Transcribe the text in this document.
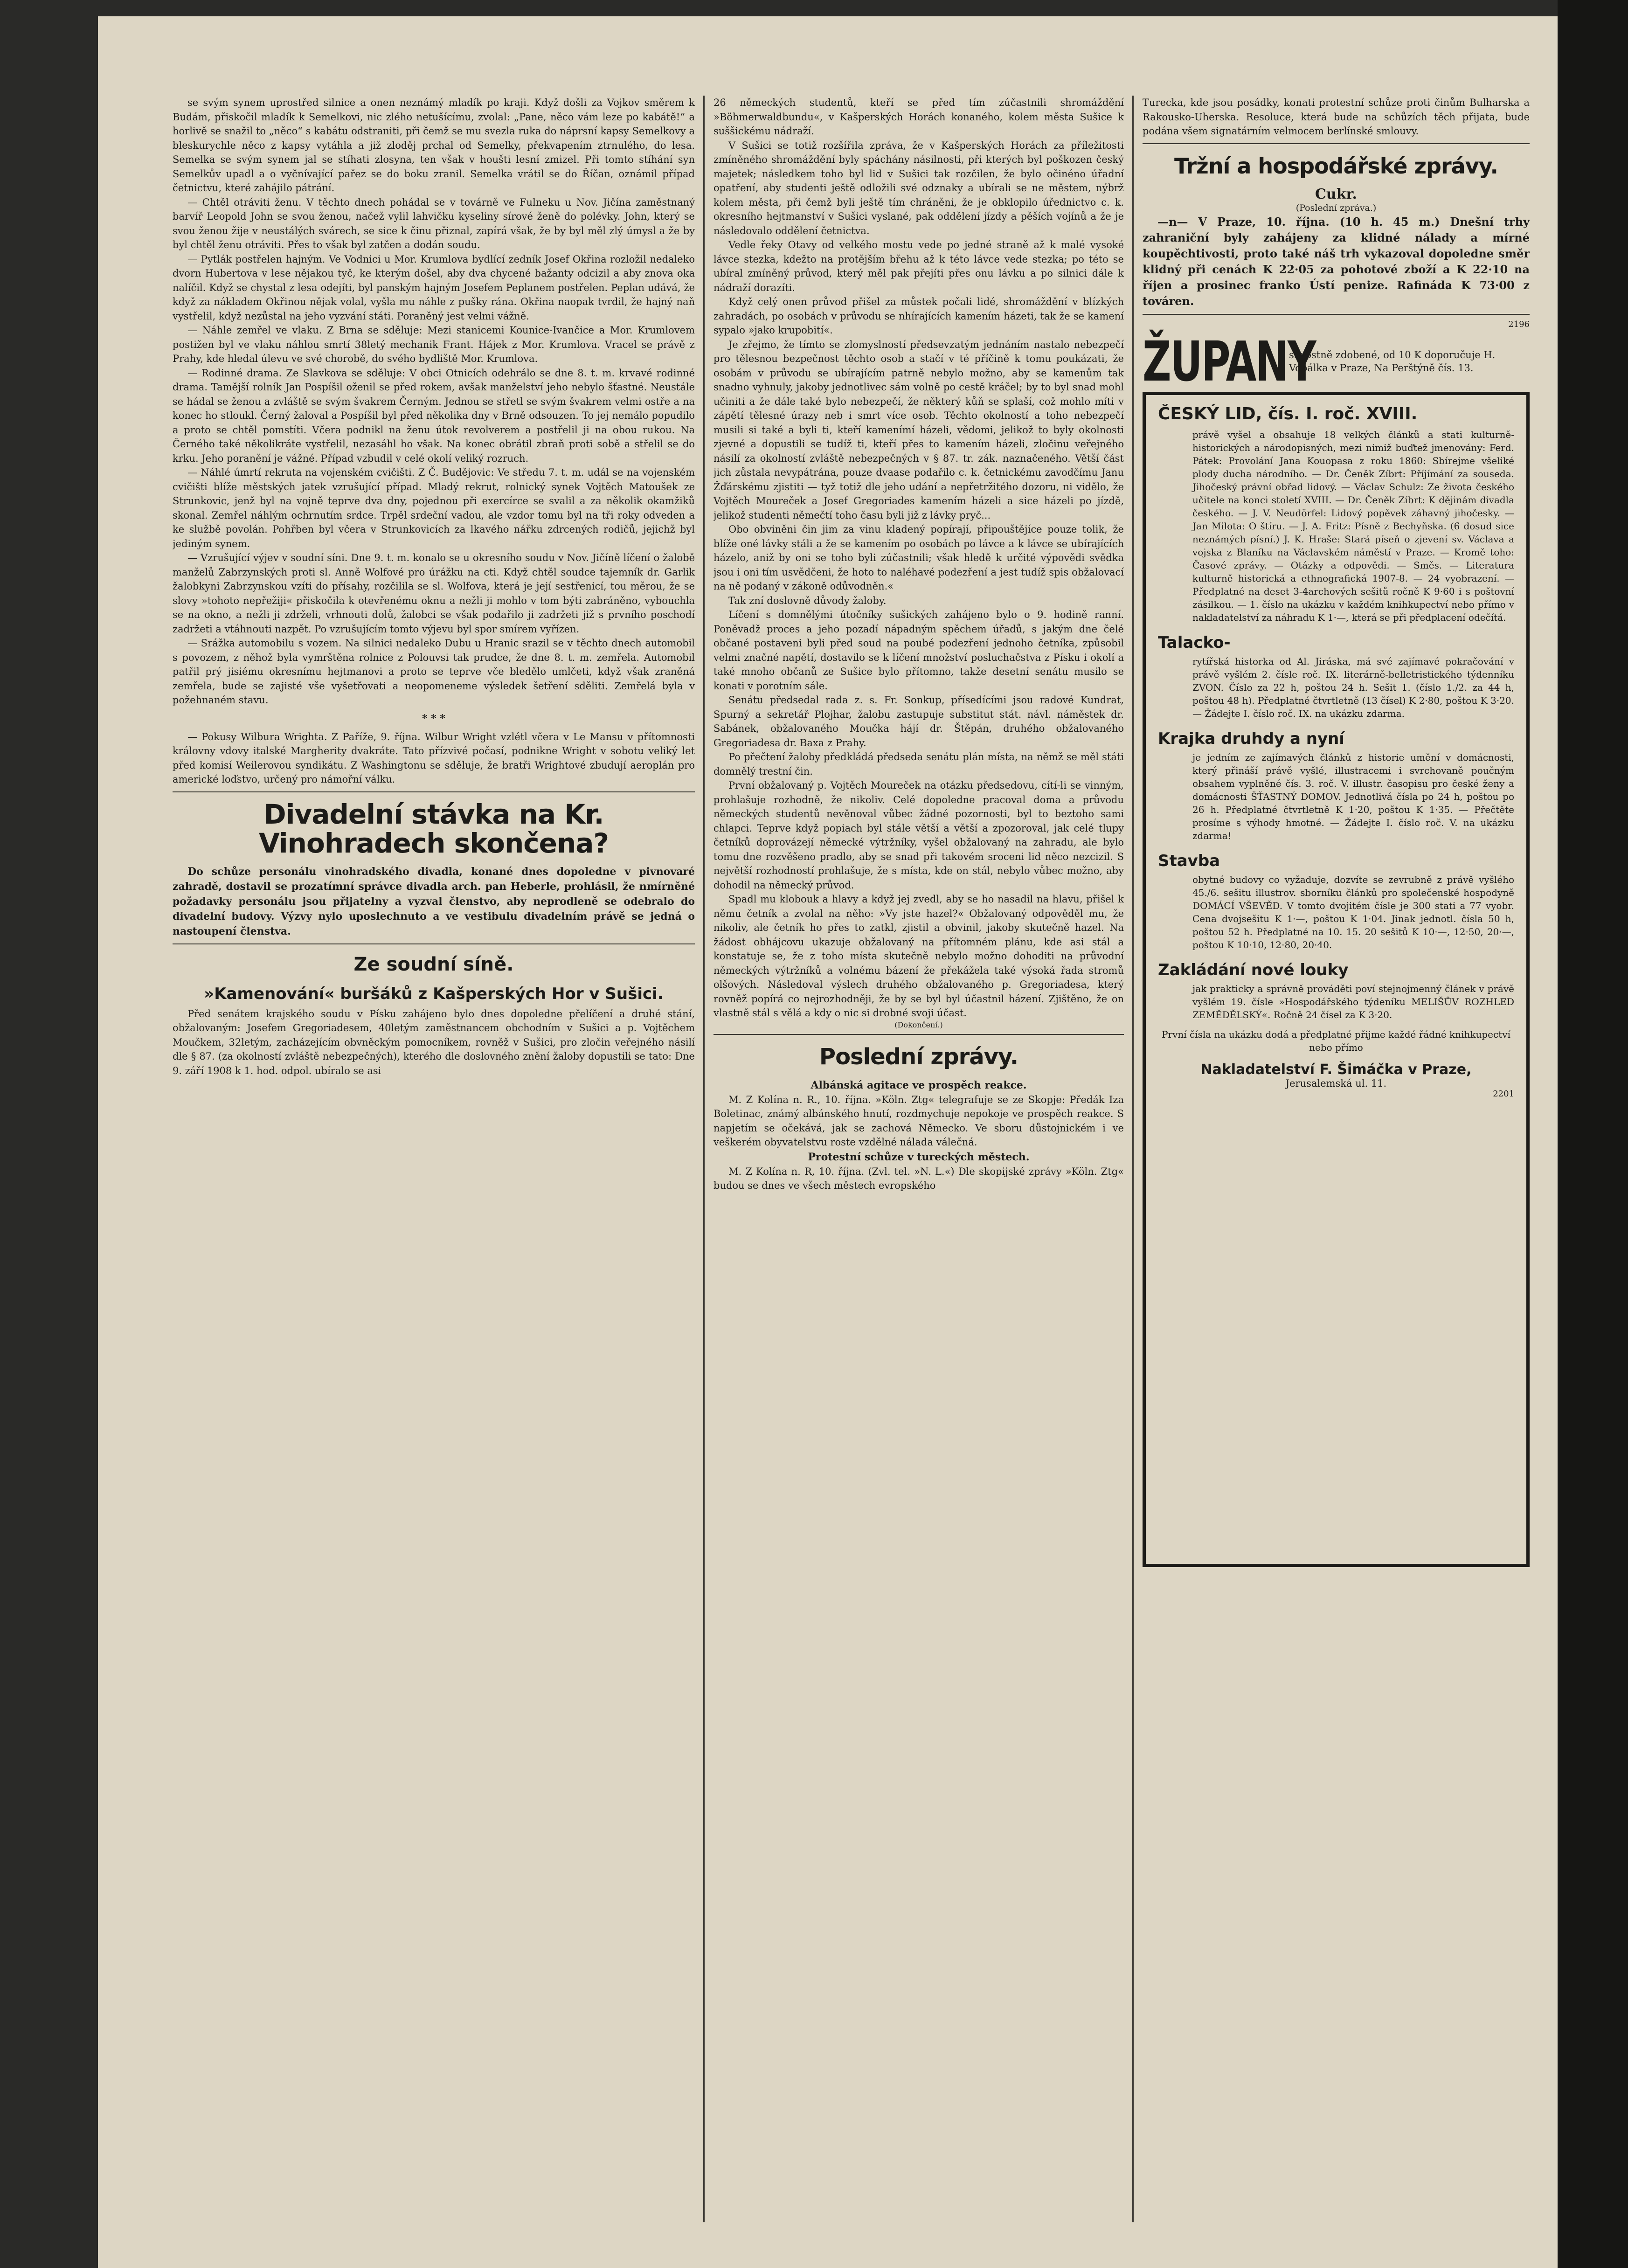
se svým synem uprostřed silnice a onen neznámý mladík po kraji. Když došli za Vojkov směrem k Budám, přiskočil mladík k Semelkovi, nic zlého netušícímu, zvolal: „Pane, něco vám leze po kabátě!“ a horlivě se snažil to „něco“ s kabátu odstraniti, při čemž se mu svezla ruka do náprsní kapsy Semelkovy a bleskurychle něco z kapsy vytáhla a již zloděj prchal od Semelky, překvapením ztrnulého, do lesa. Semelka se svým synem jal se stíhati zlosyna, ten však v houšti lesní zmizel. Při tomto stíhání syn Semelkův upadl a o vyčnívající pařez se do boku zranil. Semelka vrátil se do Říčan, oznámil případ četnictvu, které zahájilo pátrání.

— Chtěl otráviti ženu. V těchto dnech pohádal se v továrně ve Fulneku u Nov. Jičína zaměstnaný barvíř Leopold John se svou ženou, načež vylil lahvičku kyseliny sírové ženě do polévky. John, který se svou ženou žije v neustálých svárech, se sice k činu přiznal, zapírá však, že by byl měl zlý úmysl a že by byl chtěl ženu otráviti. Přes to však byl zatčen a dodán soudu.

— Pytlák postřelen hajným. Ve Vodnici u Mor. Krumlova bydlící zedník Josef Okřina rozložil nedaleko dvorn Hubertova v lese nějakou tyč, ke kterým došel, aby dva chycené bažanty odcizil a aby znova oka nalíčil. Když se chystal z lesa odejíti, byl panským hajným Josefem Peplanem postřelen. Peplan udává, že když za nákladem Okřinou nějak volal, vyšla mu náhle z pušky rána. Okřina naopak tvrdil, že hajný naň vystřelil, když nezůstal na jeho vyzvání státi. Poraněný jest velmi vážně.

— Náhle zemřel ve vlaku. Z Brna se sděluje: Mezi stanicemi Kounice-Ivančice a Mor. Krumlovem postižen byl ve vlaku náhlou smrtí 38letý mechanik Frant. Hájek z Mor. Krumlova. Vracel se právě z Prahy, kde hledal úlevu ve své chorobě, do svého bydliště Mor. Krumlova.

— Rodinné drama. Ze Slavkova se sděluje: V obci Otnicích odehrálo se dne 8. t. m. krvavé rodinné drama. Tamější rolník Jan Pospíšil oženil se před rokem, avšak manželství jeho nebylo šťastné. Neustále se hádal se ženou a zvláště se svým švakrem Černým. Jednou se střetl se svým švakrem velmi ostře a na konec ho stloukl. Černý žaloval a Pospíšil byl před několika dny v Brně odsouzen. To jej nemálo popudilo a proto se chtěl pomstíti. Včera podnikl na ženu útok revolverem a postřelil ji na obou rukou. Na Černého také několikráte vystřelil, nezasáhl ho však. Na konec obrátil zbraň proti sobě a střelil se do krku. Jeho poranění je vážné. Případ vzbudil v celé okolí veliký rozruch.

— Náhlé úmrtí rekruta na vojenském cvičišti. Z Č. Budějovic: Ve středu 7. t. m. udál se na vojenském cvičišti blíže městských jatek vzrušující případ. Mladý rekrut, rolnický synek Vojtěch Matoušek ze Strunkovic, jenž byl na vojně teprve dva dny, pojednou při exercírce se svalil a za několik okamžiků skonal. Zemřel náhlým ochrnutím srdce. Trpěl srdeční vadou, ale vzdor tomu byl na tři roky odveden a ke službě povolán. Pohřben byl včera v Strunkovicích za lkavého nářku zdrcených rodičů, jejichž byl jediným synem.

— Vzrušující výjev v soudní síni. Dne 9. t. m. konalo se u okresního soudu v Nov. Jičíně líčení o žalobě manželů Zabrzynských proti sl. Anně Wolfové pro úrážku na cti. Když chtěl soudce tajemník dr. Garlik žalobkyni Zabrzynskou vzíti do přísahy, rozčilila se sl. Wolfova, která je její sestřenicí, tou měrou, že se slovy »tohoto nepřežiji« přiskočila k otevřenému oknu a nežli ji mohlo v tom býti zabráněno, vybouchla se na okno, a nežli ji zdrželi, vrhnouti dolů, žalobci se však podařilo ji zadržeti již s prvního poschodí zadržeti a vtáhnouti nazpět. Po vzrušujícím tomto výjevu byl spor smírem vyřízen.

— Srážka automobilu s vozem. Na silnici nedaleko Dubu u Hranic srazil se v těchto dnech automobil s povozem, z něhož byla vymrštěna rolnice z Polouvsi tak prudce, že dne 8. t. m. zemřela. Automobil patřil prý jisiému okresnímu hejtmanovi a proto se teprve vče bledělo umlčeti, když však zraněná zemřela, bude se zajisté vše vyšetřovati a neopomeneme výsledek šetření sděliti. Zemřelá byla v požehnaném stavu.

* * *

— Pokusy Wilbura Wrighta. Z Paříže, 9. října. Wilbur Wright vzlétl včera v Le Mansu v přítomnosti královny vdovy italské Margherity dvakráte. Tato přízvivé počasí, podnikne Wright v sobotu veliký let před komisí Weilerovou syndikátu. Z Washingtonu se sděluje, že bratři Wrightové zbudují aeroplán pro americké loďstvo, určený pro námořní válku.

Divadelní stávka na Kr. Vinohradech skončena?

Do schůze personálu vinohradského divadla, konané dnes dopoledne v pivnovaré zahradě, dostavil se prozatímní správce divadla arch. pan Heberle, prohlásil, že nmírněné požadavky personálu jsou přijatelny a vyzval členstvo, aby neprodleně se odebralo do divadelní budovy. Výzvy nylo uposlechnuto a ve vestibulu divadelním právě se jedná o nastoupení členstva.

Ze soudní síně.
»Kamenování« buršáků z Kašperských Hor v Sušici.

Před senátem krajského soudu v Písku zahájeno bylo dnes dopoledne přelíčení a druhé stání, obžalovaným: Josefem Gregoriadesem, 40letým zaměstnancem obchodním v Sušici a p. Vojtěchem Moučkem, 32letým, zacházejícím obvněckým pomocníkem, rovněž v Sušici, pro zločin veřejného násilí dle § 87. (za okolností zvláště nebezpečných), kterého dle doslovného znění žaloby dopustili se tato: Dne 9. září 1908 k 1. hod. odpol. ubíralo se asi

26 německých studentů, kteří se před tím zúčastnili shromáždění »Böhmerwaldbundu«, v Kašperských Horách konaného, kolem města Sušice k suššickému nádraží.

V Sušici se totiž rozšířila zpráva, že v Kašperských Horách za příležitosti zmíněného shromáždění byly spáchány násilnosti, při kterých byl poškozen český majetek; následkem toho byl lid v Sušici tak rozčilen, že bylo očinéno úřadní opatření, aby studenti ještě odložili své odznaky a ubírali se ne městem, nýbrž kolem města, při čemž byli ještě tím chráněni, že je obklopilo úřednictvo c. k. okresního hejtmanství v Sušici vyslané, pak oddělení jízdy a pěších vojínů a že je následovalo oddělení četnictva.

Vedle řeky Otavy od velkého mostu vede po jedné straně až k malé vysoké lávce stezka, kdežto na protějším břehu až k této lávce vede stezka; po této se ubíral zmíněný průvod, který měl pak přejíti přes onu lávku a po silnici dále k nádraží dorazíti.

Když celý onen průvod přišel za můstek počali lidé, shromáždění v blízkých zahradách, po osobách v průvodu se nhírajících kamením házeti, tak že se kamení sypalo »jako krupobití«.

Je zřejmo, že tímto se zlomyslností předsevzatým jednáním nastalo nebezpečí pro tělesnou bezpečnost těchto osob a stačí v té příčině k tomu poukázati, že osobám v průvodu se ubírajícím patrně nebylo možno, aby se kamenům tak snadno vyhnuly, jakoby jednotlivec sám volně po cestě kráčel; by to byl snad mohl učiniti a že dále také bylo nebezpečí, že některý kůň se splaší, což mohlo míti v zápětí tělesné úrazy neb i smrt více osob. Těchto okolností a toho nebezpečí musili si také a byli ti, kteří kamenímí házeli, vědomi, jelikož to byly okolnosti zjevné a dopustili se tudíž ti, kteří přes to kamením házeli, zločinu veřejného násilí za okolností zvláště nebezpečných v § 87. tr. zák. naznačeného. Větší část jich zůstala nevypátrána, pouze dvaase podařilo c. k. četnickému zavodčímu Janu Žďárskému zjistiti — tyž totiž dle jeho udání a nepřetržitého dozoru, ni vidělo, že Vojtěch Moureček a Josef Gregoriades kamením házeli a sice házeli po jízdě, jelikož studenti němečtí toho času byli již z lávky pryč...

Obo obviněni čin jim za vinu kladený popírají, připouštějíce pouze tolik, že blíže oné lávky stáli a že se kamením po osobách po lávce a k lávce se ubírajících házelo, aniž by oni se toho byli zúčastnili; však hledě k určité výpovědi svědka jsou i oni tím usvědčeni, že hoto to naléhavé podezření a jest tudíž spis obžalovací na ně podaný v zákoně odůvodněn.«

Tak zní doslovně důvody žaloby.

Líčení s domnělými útočníky sušických zahájeno bylo o 9. hodině ranní. Poněvadž proces a jeho pozadí nápadným spěchem úřadů, s jakým dne čelé občané postaveni byli před soud na poubé podezření jednoho četníka, způsobil velmi značné napětí, dostavilo se k líčení množství posluchačstva z Písku i okolí a také mnoho občanů ze Sušice bylo přítomno, takže desetní senátu musilo se konati v porotním sále.

Senátu předsedal rada z. s. Fr. Sonkup, přísedícími jsou radové Kundrat, Spurný a sekretář Plojhar, žalobu zastupuje substitut stát. návl. náměstek dr. Sabánek, obžalovaného Moučka hájí dr. Štěpán, druhého obžalovaného Gregoriadesa dr. Baxa z Prahy.

Po přečtení žaloby předkládá předseda senátu plán místa, na němž se měl státi domnělý trestní čin.

První obžalovaný p. Vojtěch Moureček na otázku předsedovu, cítí-li se vinným, prohlašuje rozhodně, že nikoliv. Celé dopoledne pracoval doma a průvodu německých studentů nevěnoval vůbec žádné pozornosti, byl to beztoho sami chlapci. Teprve když popiach byl stále větší a větší a zpozoroval, jak celé tlupy četníků doprovázejí německé výtržníky, vyšel obžalovaný na zahradu, ale bylo tomu dne rozvěšeno pradlo, aby se snad při takovém sroceni lid něco nezcizil. S největší rozhodností prohlašuje, že s místa, kde on stál, nebylo vůbec možno, aby dohodil na německý průvod.

Spadl mu klobouk a hlavy a když jej zvedl, aby se ho nasadil na hlavu, přišel k němu četník a zvolal na něho: »Vy jste hazel?« Obžalovaný odpověděl mu, že nikoliv, ale četník ho přes to zatkl, zjistil a obvinil, jakoby skutečně hazel. Na žádost obhájcovu ukazuje obžalovaný na přítomném plánu, kde asi stál a konstatuje se, že z toho místa skutečně nebylo možno dohoditi na průvodní německých výtržníků a volnému bázení že překážela také výsoká řada stromů olšových. Následoval výslech druhého obžalovaného p. Gregoriadesa, který rovněž popírá co nejrozhodněji, že by se byl byl účastnil házení. Zjištěno, že on vlastně stál s vělá a kdy o nic si drobné svoji účast.

(Dokončení.)
Poslední zprávy.
Albánská agitace ve prospěch reakce.

M. Z Kolína n. R., 10. října. »Köln. Ztg« telegrafuje se ze Skopje: Předák Iza Boletinac, známý albánského hnutí, rozdmychuje nepokoje ve prospěch reakce. S napjetím se očekává, jak se zachová Německo. Ve sboru důstojnickém i ve veškerém obyvatelstvu roste vzdělné nálada válečná.

Protestní schůze v tureckých městech.

M. Z Kolína n. R, 10. října. (Zvl. tel. »N. L.«) Dle skopijské zprávy »Köln. Ztg« budou se dnes ve všech městech evropského

Turecka, kde jsou posádky, konati protestní schůze proti činům Bulharska a Rakousko-Uherska. Resoluce, která bude na schůzích těch přijata, bude podána všem signatárním velmocem berlínské smlouvy.

Tržní a hospodářské zprávy.
Cukr.
(Poslední zpráva.)

—n— V Praze, 10. října. (10 h. 45 m.) Dnešní trhy zahraniční byly zahájeny za klidné nálady a mírné koupěchtivosti, proto také náš trh vykazoval dopoledne směr klidný při cenách K 22·05 za pohotové zboží a K 22·10 na říjen a prosinec franko Ústí penize. Rafináda K 73·00 z továren.

2196
ŽUPANY
skvostně zdobené, od 10 K doporučuje H. Vopálka v Praze, Na Perštýně čís. 13.
ČESKÝ LID, čís. I. roč. XVIII.
právě vyšel a obsahuje 18 velkých článků a stati kulturně-historických a národopisných, mezi nimiž buďtež jmenovány: Ferd. Pátek: Provolání Jana Kouopasa z roku 1860: Sbírejme všeliké plody ducha národního. — Dr. Čeněk Zíbrt: Příjímání za souseda. Jihočeský právní obřad lidový. — Václav Schulz: Ze života českého učitele na konci století XVIII. — Dr. Čeněk Zíbrt: K dějinám divadla českého. — J. V. Neudörfel: Lidový popěvek záhavný jihočesky. — Jan Milota: O štíru. — J. A. Fritz: Písně z Bechyňska. (6 dosud sice neznámých písní.) J. K. Hraše: Stará píseň o zjevení sv. Václava a vojska z Blaníku na Václavském náměstí v Praze. — Kromě toho: Časové zprávy. — Otázky a odpovědi. — Směs. — Literatura kulturně historická a ethnografická 1907-8. — 24 vyobrazení. — Předplatné na deset 3-4archových sešitů ročně K 9·60 i s poštovní zásilkou. — 1. číslo na ukázku v každém knihkupectví nebo přímo v nakladatelství za náhradu K 1·—, která se při předplacení odečítá.
Talacko-
rytířská historka od Al. Jiráska, má své zajímavé pokračování v právě vyšlém 2. čísle roč. IX. literárně-belletristického týdenníku ZVON. Číslo za 22 h, poštou 24 h. Sešit 1. (číslo 1./2. za 44 h, poštou 48 h). Předplatné čtvrtletně (13 čísel) K 2·80, poštou K 3·20. — Žádejte I. číslo roč. IX. na ukázku zdarma.
Krajka druhdy a nyní
je jedním ze zajímavých článků z historie umění v domácnosti, který přináší právě vyšlé, illustracemi i svrchovaně poučným obsahem vyplněné čís. 3. roč. V. illustr. časopisu pro české ženy a domácnosti ŠŤASTNÝ DOMOV. Jednotlivá čísla po 24 h, poštou po 26 h. Předplatné čtvrtletně K 1·20, poštou K 1·35. — Přečtěte prosíme s výhody hmotné. — Žádejte I. číslo roč. V. na ukázku zdarma!
Stavba
obytné budovy co vyžaduje, dozvíte se zevrubně z právě vyšlého 45./6. sešitu illustrov. sborníku článků pro společenské hospodyně DOMÁCÍ VŠEVĚD. V tomto dvojitém čísle je 300 stati a 77 vyobr. Cena dvojsešitu K 1·—, poštou K 1·04. Jinak jednotl. čísla 50 h, poštou 52 h. Předplatné na 10. 15. 20 sešitů K 10·—, 12·50, 20·—, poštou K 10·10, 12·80, 20·40.
Zakládání nové louky
jak prakticky a správně prováděti poví stejnojmenný článek v právě vyšlém 19. čísle »Hospodářského týdeníku MELIŠŮV ROZHLED ZEMĚDĚLSKÝ«. Ročně 24 čísel za K 3·20.
První čísla na ukázku dodá a předplatné přijme každé řádné knihkupectví nebo přímo
Nakladatelství F. Šimáčka v Praze,
Jerusalemská ul. 11.
2201
